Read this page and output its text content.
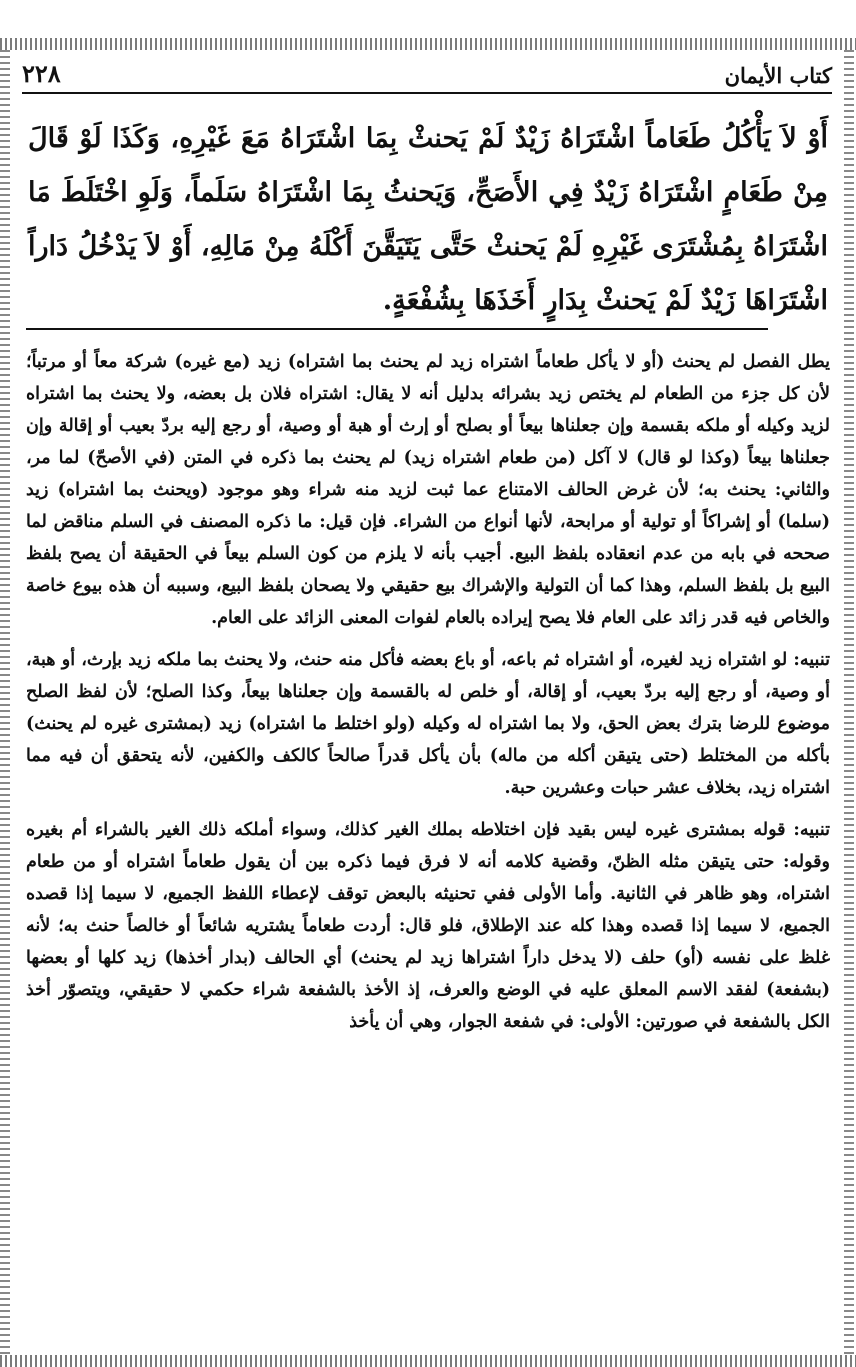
كتاب الأيمان
٢٢٨
أَوْ لاَ يَأْكُلُ طَعَاماً اشْتَرَاهُ زَيْدٌ لَمْ يَحنثْ بِمَا اشْتَرَاهُ مَعَ غَيْرِهِ، وَكَذَا لَوْ قَالَ مِنْ طَعَامٍ اشْتَرَاهُ زَيْدٌ فِي الأَصَحِّ، وَيَحنثُ بِمَا اشْتَرَاهُ سَلَماً، وَلَوِ اخْتَلَطَ مَا اشْتَرَاهُ بِمُشْتَرَى غَيْرِهِ لَمْ يَحنثْ حَتَّى يَتَيَقَّنَ أَكْلَهُ مِنْ مَالِهِ، أَوْ لاَ يَدْخُلُ دَاراً اشْتَرَاهَا زَيْدٌ لَمْ يَحنثْ بِدَارٍ أَخَذَهَا بِشُفْعَةٍ.

يطل الفصل لم يحنث (أو لا يأكل طعاماً اشتراه زيد لم يحنث بما اشتراه) زيد (مع غيره) شركة معاً أو مرتباً؛ لأن كل جزء من الطعام لم يختص زيد بشرائه بدليل أنه لا يقال: اشتراه فلان بل بعضه، ولا يحنث بما اشتراه لزيد وكيله أو ملكه بقسمة وإن جعلناها بيعاً أو بصلح أو إرث أو هبة أو وصية، أو رجع إليه بردّ بعيب أو إقالة وإن جعلناها بيعاً (وكذا لو قال) لا آكل (من طعام اشتراه زيد) لم يحنث بما ذكره في المتن (في الأصحّ) لما مر، والثاني: يحنث به؛ لأن غرض الحالف الامتناع عما ثبت لزيد منه شراء وهو موجود (ويحنث بما اشتراه) زيد (سلما) أو إشراكاً أو تولية أو مرابحة، لأنها أنواع من الشراء. فإن قيل: ما ذكره المصنف في السلم مناقض لما صححه في بابه من عدم انعقاده بلفظ البيع. أجيب بأنه لا يلزم من كون السلم بيعاً في الحقيقة أن يصح بلفظ البيع بل بلفظ السلم، وهذا كما أن التولية والإشراك بيع حقيقي ولا يصحان بلفظ البيع، وسببه أن هذه بيوع خاصة والخاص فيه قدر زائد على العام فلا يصح إيراده بالعام لفوات المعنى الزائد على العام.

تنبيه: لو اشتراه زيد لغيره، أو اشتراه ثم باعه، أو باع بعضه فأكل منه حنث، ولا يحنث بما ملكه زيد بإرث، أو هبة، أو وصية، أو رجع إليه بردّ بعيب، أو إقالة، أو خلص له بالقسمة وإن جعلناها بيعاً، وكذا الصلح؛ لأن لفظ الصلح موضوع للرضا بترك بعض الحق، ولا بما اشتراه له وكيله (ولو اختلط ما اشتراه) زيد (بمشترى غيره لم يحنث) بأكله من المختلط (حتى يتيقن أكله من ماله) بأن يأكل قدراً صالحاً كالكف والكفين، لأنه يتحقق أن فيه مما اشتراه زيد، بخلاف عشر حبات وعشرين حبة.

تنبيه: قوله بمشترى غيره ليس بقيد فإن اختلاطه بملك الغير كذلك، وسواء أملكه ذلك الغير بالشراء أم بغيره وقوله: حتى يتيقن مثله الظنّ، وقضية كلامه أنه لا فرق فيما ذكره بين أن يقول طعاماً اشتراه أو من طعام اشتراه، وهو ظاهر في الثانية. وأما الأولى ففي تحنيثه بالبعض توقف لإعطاء اللفظ الجميع، لا سيما إذا قصده الجميع، لا سيما إذا قصده وهذا كله عند الإطلاق، فلو قال: أردت طعاماً يشتريه شائعاً أو خالصاً حنث به؛ لأنه غلظ على نفسه (أو) حلف (لا يدخل داراً اشتراها زيد لم يحنث) أي الحالف (بدار أخذها) زيد كلها أو بعضها (بشفعة) لفقد الاسم المعلق عليه في الوضع والعرف، إذ الأخذ بالشفعة شراء حكمي لا حقيقي، ويتصوّر أخذ الكل بالشفعة في صورتين: الأولى: في شفعة الجوار، وهي أن يأخذ
